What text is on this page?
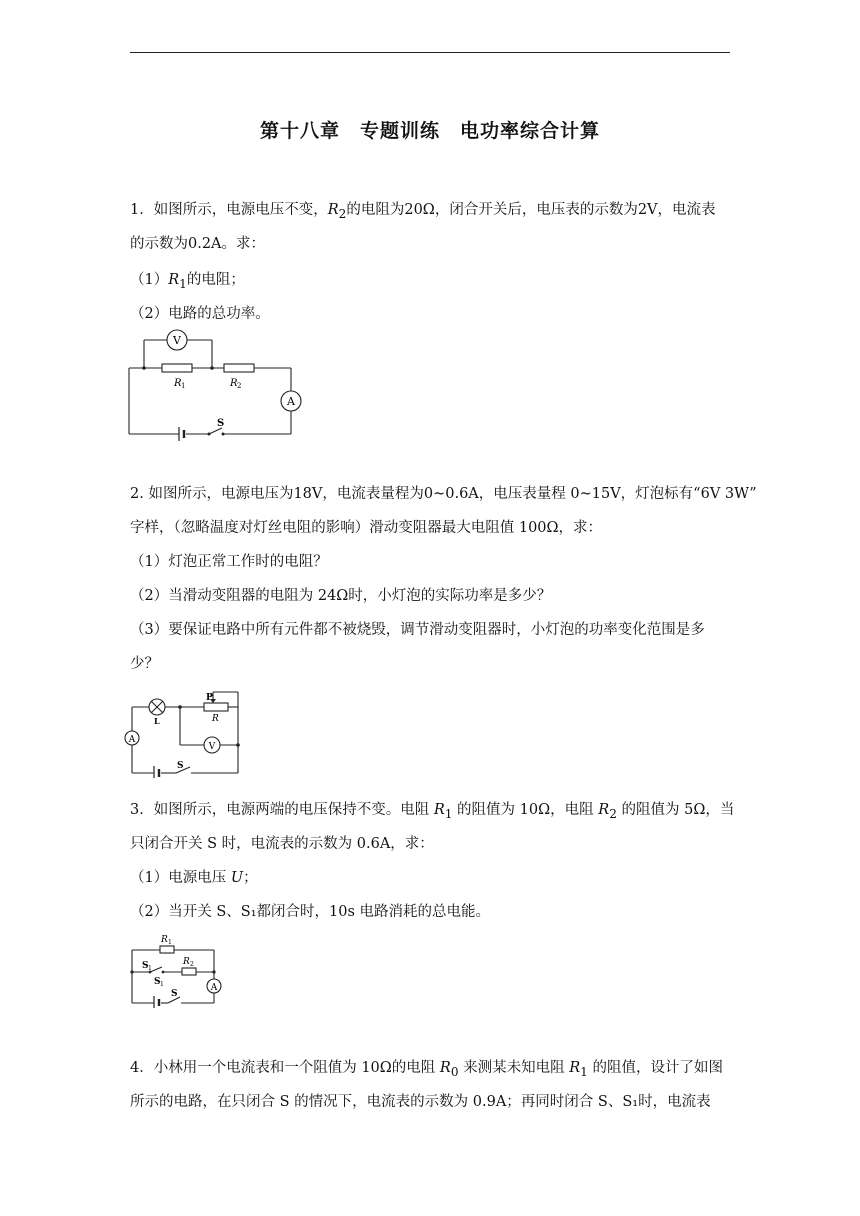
第十八章　专题训练　电功率综合计算
1．如图所示，电源电压不变，$R_2$的电阻为20Ω，闭合开关后，电压表的示数为2V，电流表
的示数为0.2A。求：
$(1)R_1$的电阻；
（2）电路的总功率。
V
A
R 1	R 2
S
2. 如图所示，电源电压为18V，电流表量程为0~0.6A，电压表量程 0~15V，灯泡标有“6V 3W”
字样，（忽略温度对灯丝电阻的影响）滑动变阻器最大电阻值 100Ω，求：
（1）灯泡正常工作时的电阻？
（2）当滑动变阻器的电阻为 24Ω时，小灯泡的实际功率是多少？
（3）要保证电路中所有元件都不被烧毁，调节滑动变阻器时，小灯泡的功率变化范围是多
少？
A
V
P
R
L
S
3．如图所示，电源两端的电压保持不变。电阻 $R_1$ 的阻值为 10Ω，电阻 $R_2$ 的阻值为 5Ω，当
只闭合开关 S 时，电流表的示数为 0.6A，求：
（1）电源电压 U；
（2）当开关 S、S₁都闭合时，10s 电路消耗的总电能。
A
R 1
R 2
S 1
S 1
S
4．小林用一个电流表和一个阻值为 10Ω的电阻 $R_0$ 来测某未知电阻 $R_1$ 的阻值，设计了如图
所示的电路，在只闭合 S 的情况下，电流表的示数为 0.9A；再同时闭合 S、S₁时，电流表
